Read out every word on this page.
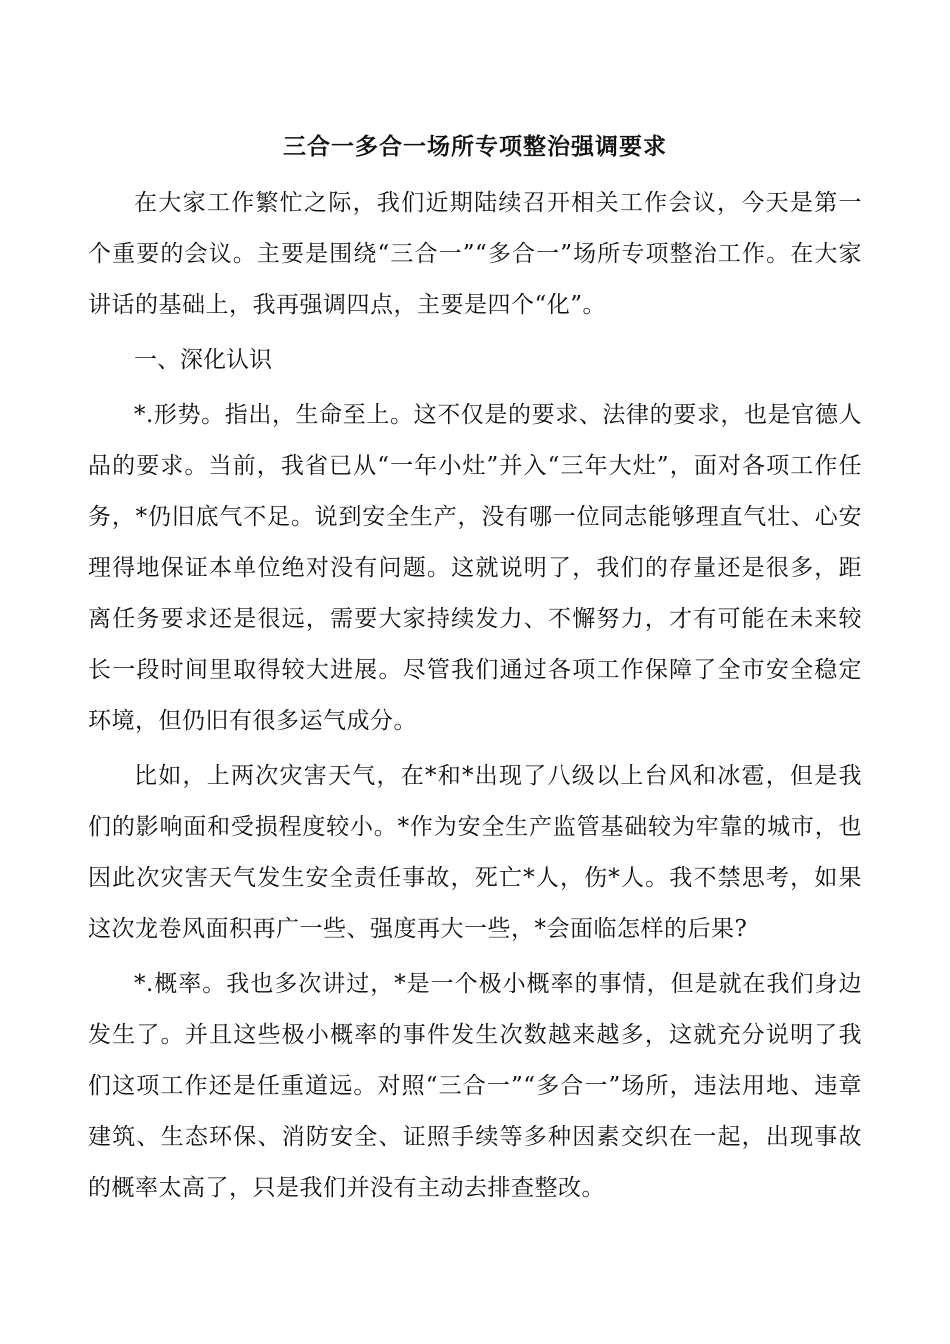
三合一多合一场所专项整治强调要求

在大家工作繁忙之际，我们近期陆续召开相关工作会议，今天是第一个重要的会议。主要是围绕“三合一”“多合一”场所专项整治工作。在大家讲话的基础上，我再强调四点，主要是四个“化”。

一、深化认识

*.形势。指出，生命至上。这不仅是的要求、法律的要求，也是官德人品的要求。当前，我省已从“一年小灶”并入“三年大灶”，面对各项工作任务，*仍旧底气不足。说到安全生产，没有哪一位同志能够理直气壮、心安理得地保证本单位绝对没有问题。这就说明了，我们的存量还是很多，距离任务要求还是很远，需要大家持续发力、不懈努力，才有可能在未来较长一段时间里取得较大进展。尽管我们通过各项工作保障了全市安全稳定环境，但仍旧有很多运气成分。

比如，上两次灾害天气，在*和*出现了八级以上台风和冰雹，但是我们的影响面和受损程度较小。*作为安全生产监管基础较为牢靠的城市，也因此次灾害天气发生安全责任事故，死亡*人，伤*人。我不禁思考，如果这次龙卷风面积再广一些、强度再大一些，*会面临怎样的后果?

*.概率。我也多次讲过，*是一个极小概率的事情，但是就在我们身边发生了。并且这些极小概率的事件发生次数越来越多，这就充分说明了我们这项工作还是任重道远。对照“三合一”“多合一”场所，违法用地、违章建筑、生态环保、消防安全、证照手续等多种因素交织在一起，出现事故的概率太高了，只是我们并没有主动去排查整改。
